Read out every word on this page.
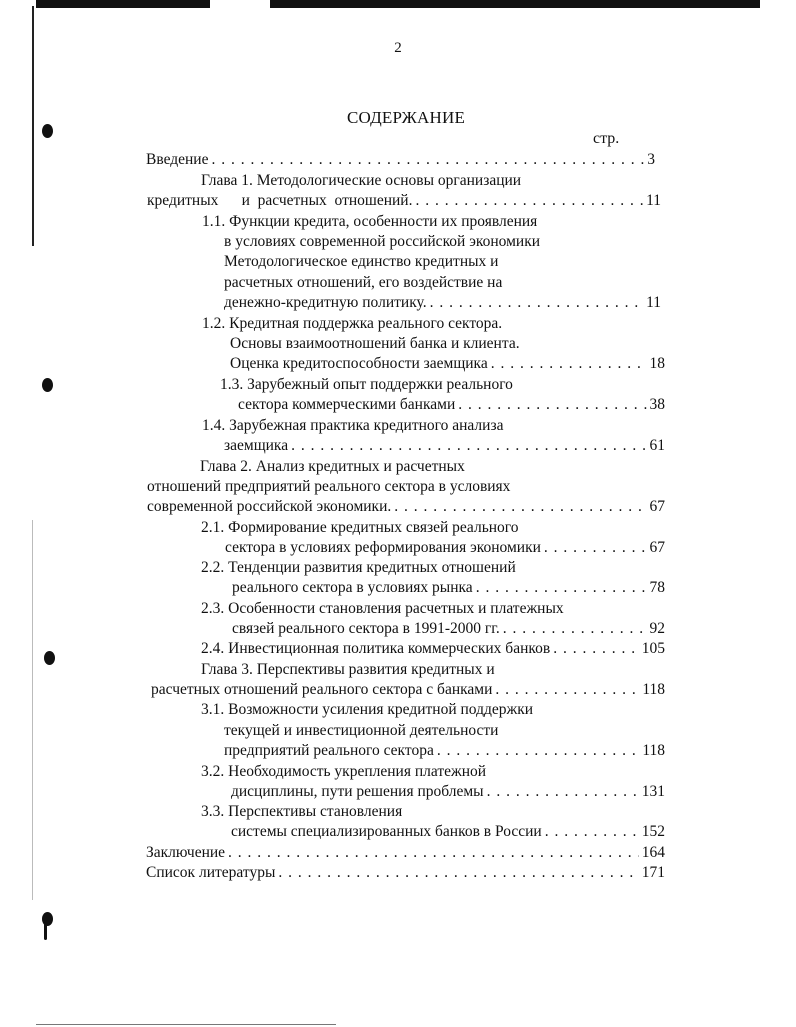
2
СОДЕРЖАНИЕ
стр.
Введение . . .	3
Глава 1. Методологические основы организации
кредитных      и  расчетных  отношений. . . .	11
1.1. Функции кредита, особенности их проявления
в условиях современной российской экономики
Методологическое единство кредитных и
расчетных отношений, его воздействие на
денежно-кредитную политику. . . .	11
1.2. Кредитная поддержка реального сектора.
Основы взаимоотношений банка и клиента.
Оценка кредитоспособности заемщика . . .	18
1.3. Зарубежный опыт поддержки реального
сектора коммерческими банками . . .	38
1.4. Зарубежная практика кредитного анализа
заемщика . . .	61
Глава 2. Анализ кредитных и расчетных
отношений предприятий реального сектора в условиях
современной российской экономики. . . .	67
2.1. Формирование кредитных связей реального
сектора в условиях реформирования экономики . . .	67
2.2. Тенденции развития кредитных отношений
реального сектора в условиях рынка . . .	78
2.3. Особенности становления расчетных и платежных
связей реального сектора в 1991-2000 гг. . . .	92
2.4. Инвестиционная политика коммерческих банков . . .	105
Глава 3. Перспективы развития кредитных и
расчетных отношений реального сектора с банками . . .	118
3.1. Возможности усиления кредитной поддержки
текущей и инвестиционной деятельности
предприятий реального сектора . . .	118
3.2. Необходимость укрепления платежной
дисциплины, пути решения проблемы . . .	131
3.3. Перспективы становления
системы специализированных банков в России . . .	152
Заключение . . .	164
Список литературы . . .	171
